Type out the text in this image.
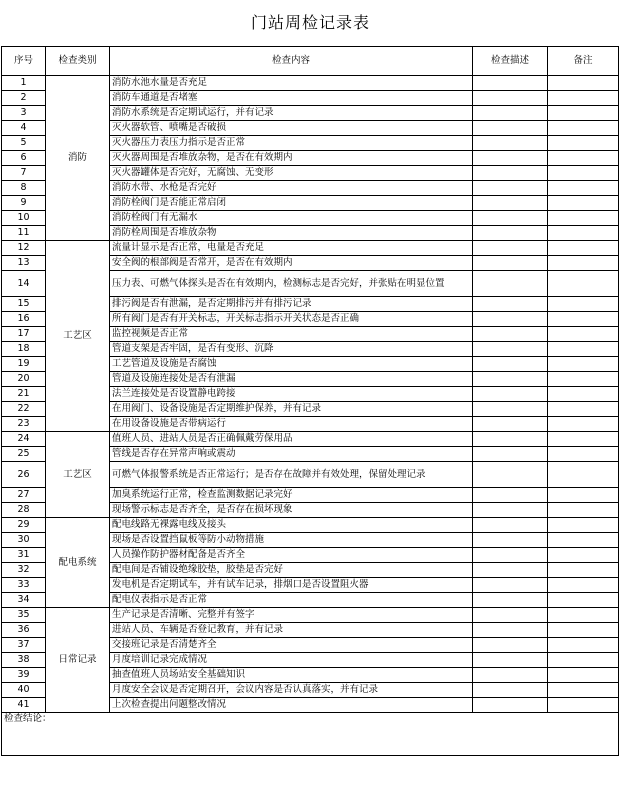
门站周检记录表
序号	检查类别	检查内容	检查描述	备注
1	消防	消防水池水量是否充足		
2		消防车通道是否堵塞		
3		消防水系统是否定期试运行，并有记录		
4		灭火器软管、喷嘴是否破损		
5		灭火器压力表压力指示是否正常		
6		灭火器周围是否堆放杂物，是否在有效期内		
7		灭火器罐体是否完好，无腐蚀、无变形		
8		消防水带、水枪是否完好		
9		消防栓阀门是否能正常启闭		
10		消防栓阀门有无漏水		
11		消防栓周围是否堆放杂物		
12	工艺区	流量计显示是否正常，电量是否充足		
13		安全阀的根部阀是否常开，是否在有效期内		
14		压力表、可燃气体探头是否在有效期内，检测标志是否完好，并张贴在明显位置		
15		排污阀是否有泄漏，是否定期排污并有排污记录		
16		所有阀门是否有开关标志，开关标志指示开关状态是否正确		
17		监控视频是否正常		
18		管道支架是否牢固，是否有变形、沉降		
19		工艺管道及设施是否腐蚀		
20		管道及设施连接处是否有泄漏		
21		法兰连接处是否设置静电跨接		
22		在用阀门、设备设施是否定期维护保养，并有记录		
23		在用设备设施是否带病运行		
24	工艺区	值班人员、进站人员是否正确佩戴劳保用品		
25		管线是否存在异常声响或震动		
26		可燃气体报警系统是否正常运行；是否存在故障并有效处理，保留处理记录		
27		加臭系统运行正常，检查监测数据记录完好		
28		现场警示标志是否齐全，是否存在损坏现象		
29	配电系统	配电线路无裸露电线及接头		
30		现场是否设置挡鼠板等防小动物措施		
31		人员操作防护器材配备是否齐全		
32		配电间是否铺设绝缘胶垫，胶垫是否完好		
33		发电机是否定期试车，并有试车记录，排烟口是否设置阻火器		
34		配电仪表指示是否正常		
35	日常记录	生产记录是否清晰、完整并有签字		
36		进站人员、车辆是否登记教育，并有记录		
37		交接班记录是否清楚齐全		
38		月度培训记录完成情况		
39		抽查值班人员场站安全基础知识		
40		月度安全会议是否定期召开，会议内容是否认真落实，并有记录		
41		上次检查提出问题整改情况		
检查结论：				
